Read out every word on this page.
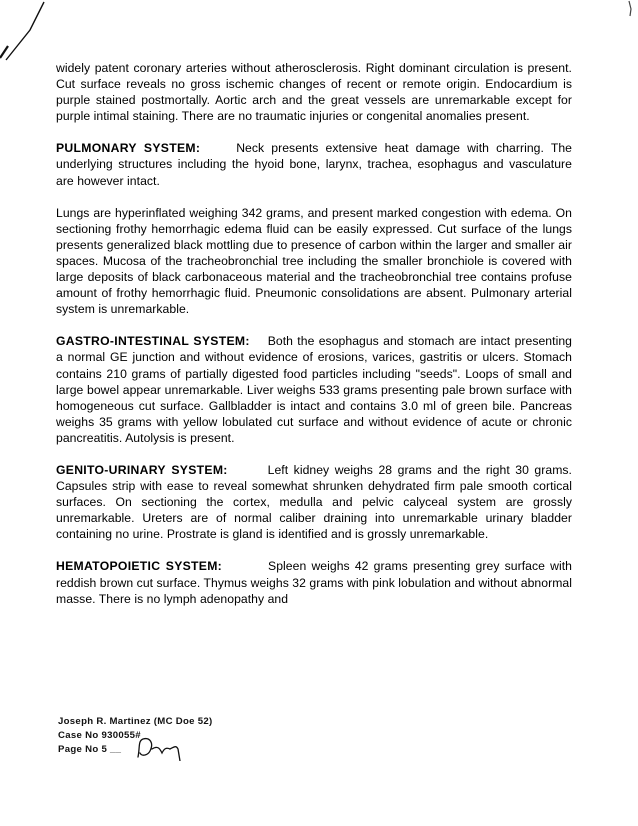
widely patent coronary arteries without atherosclerosis. Right dominant circulation is present. Cut surface reveals no gross ischemic changes of recent or remote origin. Endocardium is purple stained postmortally. Aortic arch and the great vessels are unremarkable except for purple intimal staining. There are no traumatic injuries or congenital anomalies present.

PULMONARY SYSTEM:	Neck presents extensive heat damage with charring. The underlying structures including the hyoid bone, larynx, trachea, esophagus and vasculature are however intact.

Lungs are hyperinflated weighing 342 grams, and present marked congestion with edema. On sectioning frothy hemorrhagic edema fluid can be easily expressed. Cut surface of the lungs presents generalized black mottling due to presence of carbon within the larger and smaller air spaces. Mucosa of the tracheobronchial tree including the smaller bronchiole is covered with large deposits of black carbonaceous material and the tracheobronchial tree contains profuse amount of frothy hemorrhagic fluid. Pneumonic consolidations are absent. Pulmonary arterial system is unremarkable.

GASTRO-INTESTINAL SYSTEM: Both the esophagus and stomach are intact presenting a normal GE junction and without evidence of erosions, varices, gastritis or ulcers. Stomach contains 210 grams of partially digested food particles including "seeds". Loops of small and large bowel appear unremarkable. Liver weighs 533 grams presenting pale brown surface with homogeneous cut surface. Gallbladder is intact and contains 3.0 ml of green bile. Pancreas weighs 35 grams with yellow lobulated cut surface and without evidence of acute or chronic pancreatitis. Autolysis is present.

GENITO-URINARY SYSTEM:	Left kidney weighs 28 grams and the right 30 grams. Capsules strip with ease to reveal somewhat shrunken dehydrated firm pale smooth cortical surfaces. On sectioning the cortex, medulla and pelvic calyceal system are grossly unremarkable. Ureters are of normal caliber draining into unremarkable urinary bladder containing no urine. Prostrate is gland is identified and is grossly unremarkable.

HEMATOPOIETIC SYSTEM:	Spleen weighs 42 grams presenting grey surface with reddish brown cut surface. Thymus weighs 32 grams with pink lobulation and without abnormal masse. There is no lymph adenopathy and

Joseph R. Martinez (MC Doe 52)
Case No 930055#
Page No 5 __
